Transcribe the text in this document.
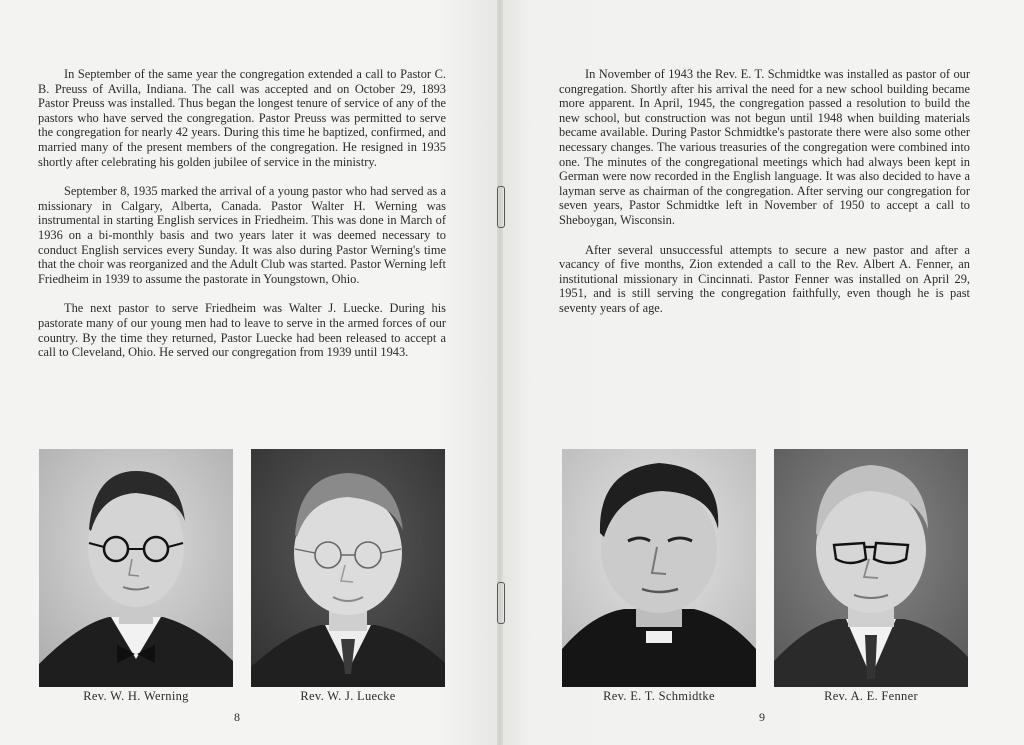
In September of the same year the congregation extended a call to Pastor C. B. Preuss of Avilla, Indiana. The call was accepted and on October 29, 1893 Pastor Preuss was installed. Thus began the longest tenure of service of any of the pastors who have served the congregation. Pastor Preuss was permitted to serve the congregation for nearly 42 years. During this time he baptized, confirmed, and married many of the present members of the congregation. He resigned in 1935 shortly after celebrating his golden jubilee of service in the ministry.

September 8, 1935 marked the arrival of a young pastor who had served as a missionary in Calgary, Alberta, Canada. Pastor Walter H. Werning was instrumental in starting English services in Friedheim. This was done in March of 1936 on a bi-monthly basis and two years later it was deemed necessary to conduct English services every Sunday. It was also during Pastor Werning's time that the choir was reorganized and the Adult Club was started. Pastor Werning left Friedheim in 1939 to assume the pastorate in Youngstown, Ohio.

The next pastor to serve Friedheim was Walter J. Luecke. During his pastorate many of our young men had to leave to serve in the armed forces of our country. By the time they returned, Pastor Luecke had been released to accept a call to Cleveland, Ohio. He served our congregation from 1939 until 1943.

Rev. W. H. Werning	Rev. W. J. Luecke
8

In November of 1943 the Rev. E. T. Schmidtke was installed as pastor of our congregation. Shortly after his arrival the need for a new school building became more apparent. In April, 1945, the congregation passed a resolution to build the new school, but construction was not begun until 1948 when building materials became available. During Pastor Schmidtke's pastorate there were also some other necessary changes. The various treasuries of the congregation were combined into one. The minutes of the congregational meetings which had always been kept in German were now recorded in the English language. It was also decided to have a layman serve as chairman of the congregation. After serving our congregation for seven years, Pastor Schmidtke left in November of 1950 to accept a call to Sheboygan, Wisconsin.

After several unsuccessful attempts to secure a new pastor and after a vacancy of five months, Zion extended a call to the Rev. Albert A. Fenner, an institutional missionary in Cincinnati. Pastor Fenner was installed on April 29, 1951, and is still serving the congregation faithfully, even though he is past seventy years of age.

Rev. E. T. Schmidtke	Rev. A. E. Fenner
9
